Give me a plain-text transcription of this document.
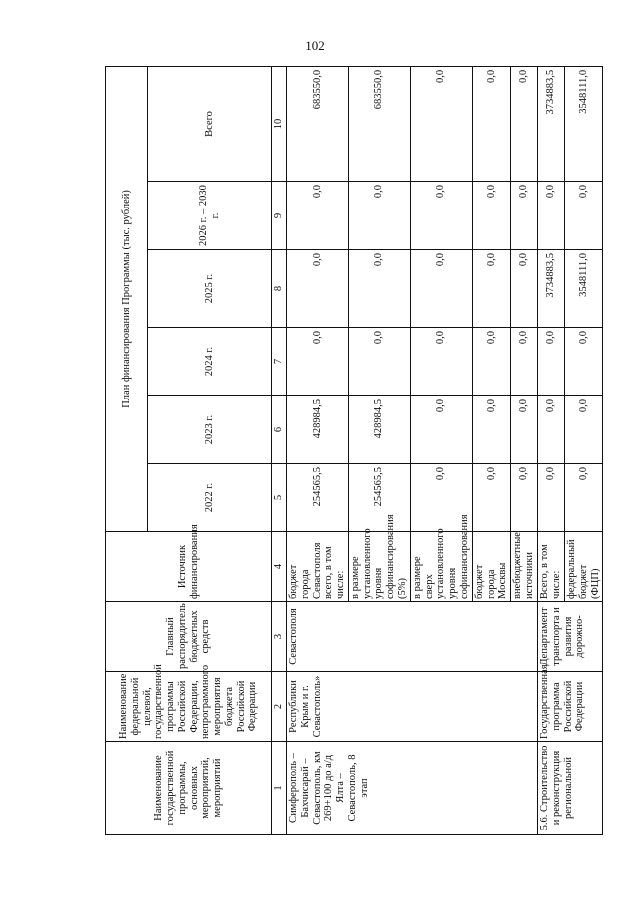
102
Наименование государственной программы, основных мероприятий, мероприятий	Наименование федеральной целевой, государственной программы Российской Федерации, непрограммного мероприятия бюджета Российской Федерации	Главный распорядитель бюджетных средств	Источник финансирования	План финансирования Программы (тыс. рублей)					
				2022 г.	2023 г.	2024 г.	2025 г.	2026 г. – 2030 г.	Всего
1	2	3	4	5	6	7	8	9	10
Симферополь – Бахчисарай – Севастополь, км 269+100 до а/д Ялта – Севастополь, 8 этап	Республики Крым и г. Севастополь»	Севастополя	бюджет города Севастополя всего, в том числе:	254565,5	428984,5	0,0	0,0	0,0	683550,0
			в размере установленного уровня софинансирования (5%)	254565,5	428984,5	0,0	0,0	0,0	683550,0
			в размере сверх установленного уровня софинансирования	0,0	0,0	0,0	0,0	0,0	0,0
			бюджет города Москвы	0,0	0,0	0,0	0,0	0,0	0,0
			внебюджетные источники	0,0	0,0	0,0	0,0	0,0	0,0
5.6. Строительство и реконструкция региональной	Государственная программа Российской Федерации	Департамент транспорта и развития дорожно-	Всего, в том числе:	0,0	0,0	0,0	3734883,5	0,0	3734883,5
			федеральный бюджет (ФЦП)	0,0	0,0	0,0	3548111,0	0,0	3548111,0
